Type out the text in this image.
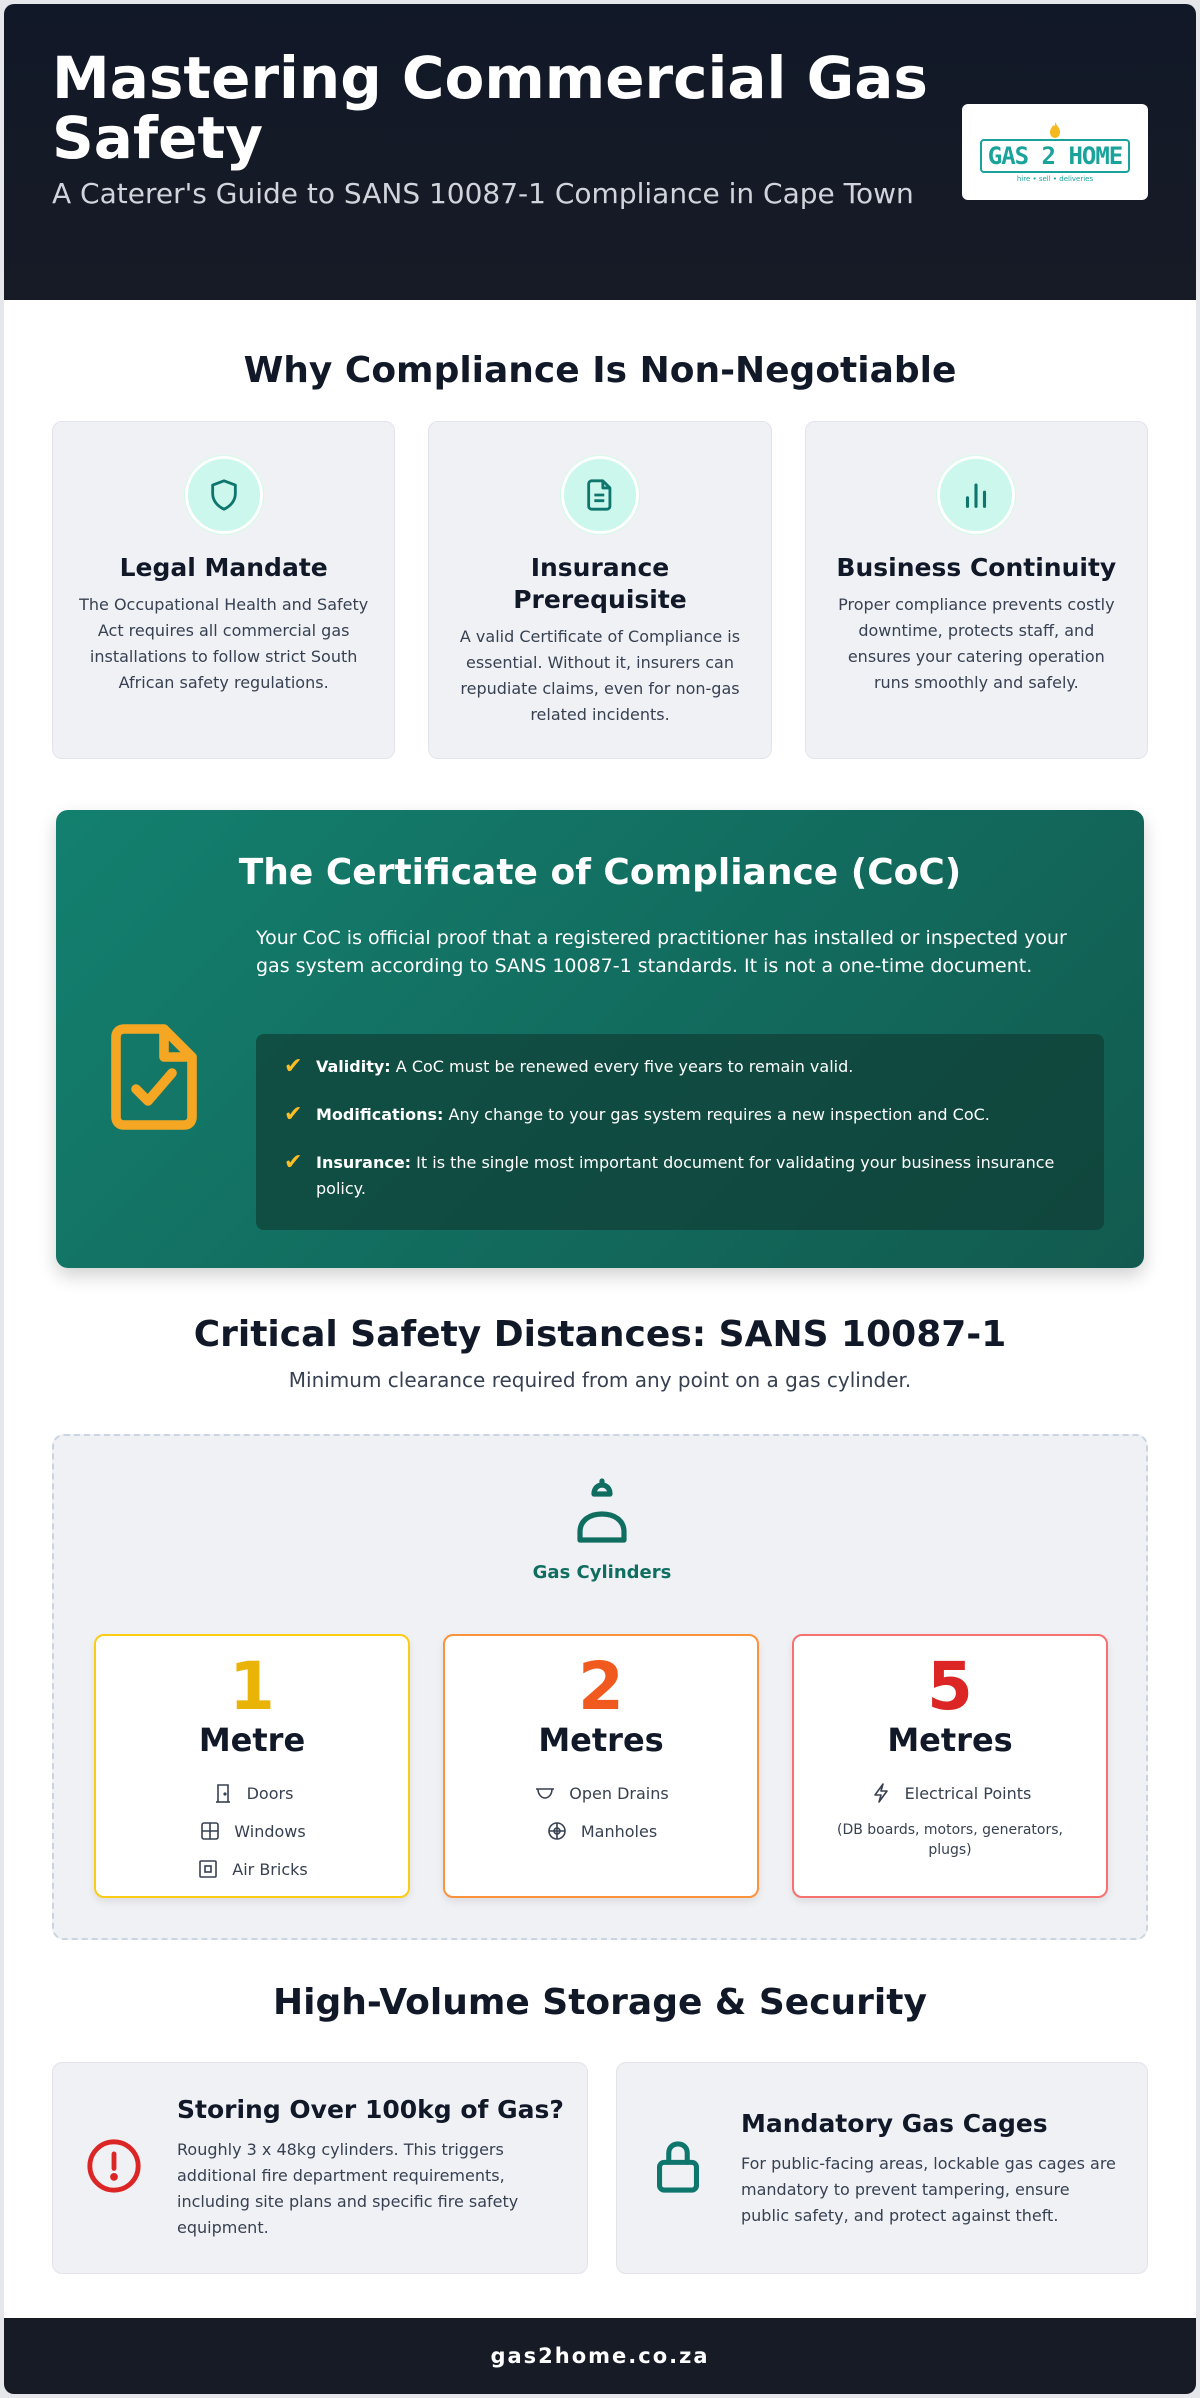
Mastering Commercial Gas Safety
A Caterer's Guide to SANS 10087-1 Compliance in Cape Town
GAS 2 HOME
hire • sell • deliveries
Why Compliance Is Non-Negotiable
Legal Mandate
The Occupational Health and Safety Act requires all commercial gas installations to follow strict South African safety regulations.
Insurance Prerequisite
A valid Certificate of Compliance is essential. Without it, insurers can repudiate claims, even for non-gas related incidents.
Business Continuity
Proper compliance prevents costly downtime, protects staff, and ensures your catering operation runs smoothly and safely.
The Certificate of Compliance (CoC)
Your CoC is official proof that a registered practitioner has installed or inspected your gas system according to SANS 10087-1 standards. It is not a one-time document.
✔ Validity: A CoC must be renewed every five years to remain valid.
✔ Modifications: Any change to your gas system requires a new inspection and CoC.
✔ Insurance: It is the single most important document for validating your business insurance policy.
Critical Safety Distances: SANS 10087-1
Minimum clearance required from any point on a gas cylinder.
Gas Cylinders
1
Metre
Doors
Windows
Air Bricks
2
Metres
Open Drains
Manholes
5
Metres
Electrical Points
(DB boards, motors, generators, plugs)
High-Volume Storage & Security
Storing Over 100kg of Gas?
Roughly 3 x 48kg cylinders. This triggers additional fire department requirements, including site plans and specific fire safety equipment.
Mandatory Gas Cages
For public-facing areas, lockable gas cages are mandatory to prevent tampering, ensure public safety, and protect against theft.
gas2home.co.za
